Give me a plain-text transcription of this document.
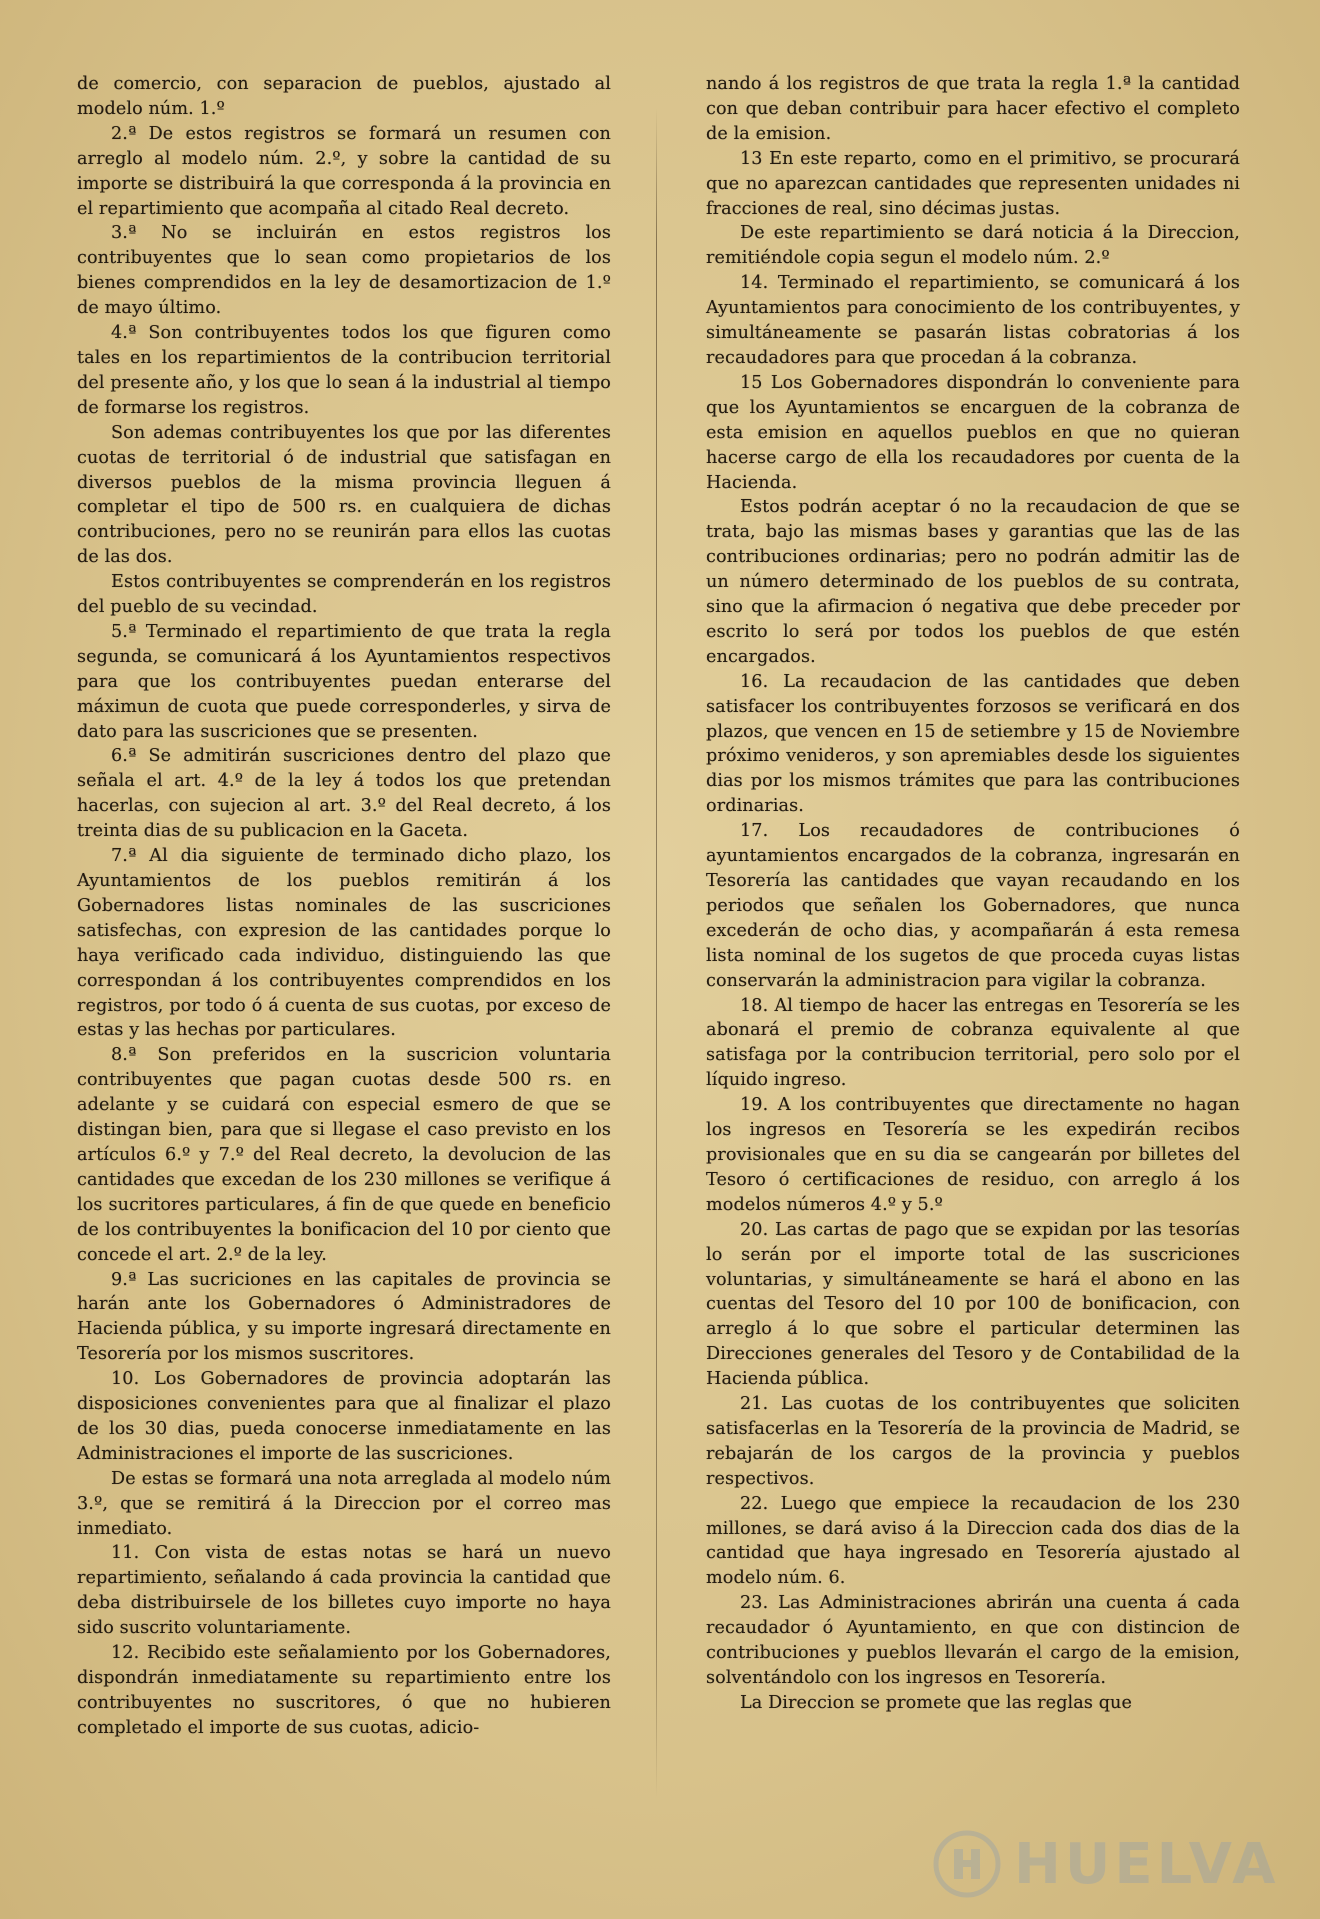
de comercio, con separacion de pueblos, ajustado al modelo núm. 1.º

2.ª De estos registros se formará un resumen con arreglo al modelo núm. 2.º, y sobre la cantidad de su importe se distribuirá la que corresponda á la provincia en el repartimiento que acompaña al citado Real decreto.

3.ª No se incluirán en estos registros los contribuyentes que lo sean como propietarios de los bienes comprendidos en la ley de desamortizacion de 1.º de mayo último.

4.ª Son contribuyentes todos los que figuren como tales en los repartimientos de la contribucion territorial del presente año, y los que lo sean á la industrial al tiempo de formarse los registros.

Son ademas contribuyentes los que por las diferentes cuotas de territorial ó de industrial que satisfagan en diversos pueblos de la misma provincia lleguen á completar el tipo de 500 rs. en cualquiera de dichas contribuciones, pero no se reunirán para ellos las cuotas de las dos.

Estos contribuyentes se comprenderán en los registros del pueblo de su vecindad.

5.ª Terminado el repartimiento de que trata la regla segunda, se comunicará á los Ayuntamientos respectivos para que los contribuyentes puedan enterarse del máximun de cuota que puede corresponderles, y sirva de dato para las suscriciones que se presenten.

6.ª Se admitirán suscriciones dentro del plazo que señala el art. 4.º de la ley á todos los que pretendan hacerlas, con sujecion al art. 3.º del Real decreto, á los treinta dias de su publicacion en la Gaceta.

7.ª Al dia siguiente de terminado dicho plazo, los Ayuntamientos de los pueblos remitirán á los Gobernadores listas nominales de las suscriciones satisfechas, con expresion de las cantidades porque lo haya verificado cada individuo, distinguiendo las que correspondan á los contribuyentes comprendidos en los registros, por todo ó á cuenta de sus cuotas, por exceso de estas y las hechas por particulares.

8.ª Son preferidos en la suscricion voluntaria contribuyentes que pagan cuotas desde 500 rs. en adelante y se cuidará con especial esmero de que se distingan bien, para que si llegase el caso previsto en los artículos 6.º y 7.º del Real decreto, la devolucion de las cantidades que excedan de los 230 millones se verifique á los sucritores particulares, á fin de que quede en beneficio de los contribuyentes la bonificacion del 10 por ciento que concede el art. 2.º de la ley.

9.ª Las sucriciones en las capitales de provincia se harán ante los Gobernadores ó Administradores de Hacienda pública, y su importe ingresará directamente en Tesorería por los mismos suscritores.

10. Los Gobernadores de provincia adoptarán las disposiciones convenientes para que al finalizar el plazo de los 30 dias, pueda conocerse inmediatamente en las Administraciones el importe de las suscriciones.

De estas se formará una nota arreglada al modelo núm 3.º, que se remitirá á la Direccion por el correo mas inmediato.

11. Con vista de estas notas se hará un nuevo repartimiento, señalando á cada provincia la cantidad que deba distribuirsele de los billetes cuyo importe no haya sido suscrito voluntariamente.

12. Recibido este señalamiento por los Gobernadores, dispondrán inmediatamente su repartimiento entre los contribuyentes no suscritores, ó que no hubieren completado el importe de sus cuotas, adicio-

nando á los registros de que trata la regla 1.ª la cantidad con que deban contribuir para hacer efectivo el completo de la emision.

13 En este reparto, como en el primitivo, se procurará que no aparezcan cantidades que representen unidades ni fracciones de real, sino décimas justas.

De este repartimiento se dará noticia á la Direccion, remitiéndole copia segun el modelo núm. 2.º

14. Terminado el repartimiento, se comunicará á los Ayuntamientos para conocimiento de los contribuyentes, y simultáneamente se pasarán listas cobratorias á los recaudadores para que procedan á la cobranza.

15 Los Gobernadores dispondrán lo conveniente para que los Ayuntamientos se encarguen de la cobranza de esta emision en aquellos pueblos en que no quieran hacerse cargo de ella los recaudadores por cuenta de la Hacienda.

Estos podrán aceptar ó no la recaudacion de que se trata, bajo las mismas bases y garantias que las de las contribuciones ordinarias; pero no podrán admitir las de un número determinado de los pueblos de su contrata, sino que la afirmacion ó negativa que debe preceder por escrito lo será por todos los pueblos de que estén encargados.

16. La recaudacion de las cantidades que deben satisfacer los contribuyentes forzosos se verificará en dos plazos, que vencen en 15 de setiembre y 15 de Noviembre próximo venideros, y son apremiables desde los siguientes dias por los mismos trámites que para las contribuciones ordinarias.

17. Los recaudadores de contribuciones ó ayuntamientos encargados de la cobranza, ingresarán en Tesorería las cantidades que vayan recaudando en los periodos que señalen los Gobernadores, que nunca excederán de ocho dias, y acompañarán á esta remesa lista nominal de los sugetos de que proceda cuyas listas conservarán la administracion para vigilar la cobranza.

18. Al tiempo de hacer las entregas en Tesorería se les abonará el premio de cobranza equivalente al que satisfaga por la contribucion territorial, pero solo por el líquido ingreso.

19. A los contribuyentes que directamente no hagan los ingresos en Tesorería se les expedirán recibos provisionales que en su dia se cangearán por billetes del Tesoro ó certificaciones de residuo, con arreglo á los modelos números 4.º y 5.º

20. Las cartas de pago que se expidan por las tesorías lo serán por el importe total de las suscriciones voluntarias, y simultáneamente se hará el abono en las cuentas del Tesoro del 10 por 100 de bonificacion, con arreglo á lo que sobre el particular determinen las Direcciones generales del Tesoro y de Contabilidad de la Hacienda pública.

21. Las cuotas de los contribuyentes que soliciten satisfacerlas en la Tesorería de la provincia de Madrid, se rebajarán de los cargos de la provincia y pueblos respectivos.

22. Luego que empiece la recaudacion de los 230 millones, se dará aviso á la Direccion cada dos dias de la cantidad que haya ingresado en Tesorería ajustado al modelo núm. 6.

23. Las Administraciones abrirán una cuenta á cada recaudador ó Ayuntamiento, en que con distincion de contribuciones y pueblos llevarán el cargo de la emision, solventándolo con los ingresos en Tesorería.

La Direccion se promete que las reglas que

HUELVA
